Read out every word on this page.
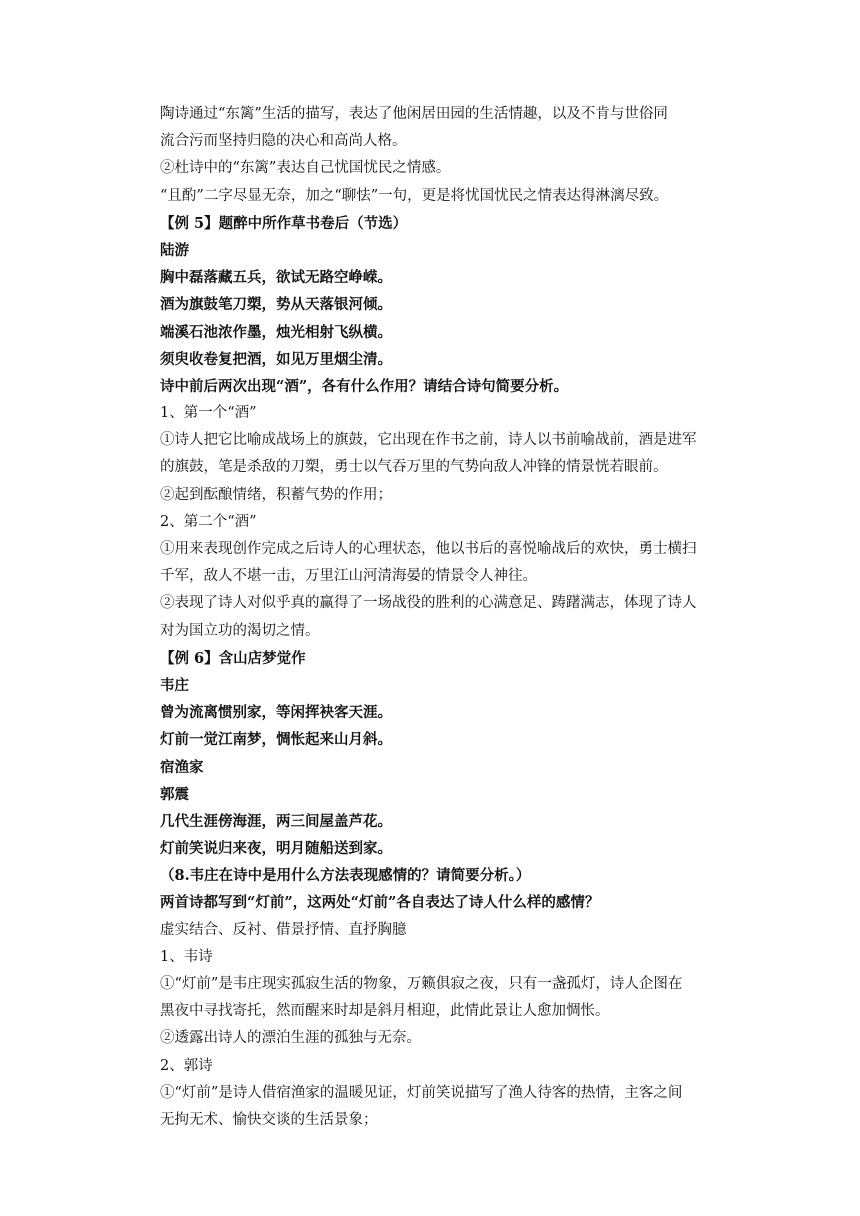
陶诗通过“东篱”生活的描写，表达了他闲居田园的生活情趣，以及不肯与世俗同
流合污而坚持归隐的决心和高尚人格。
②杜诗中的“东篱”表达自己忧国忧民之情感。
“且酌”二字尽显无奈，加之“聊怯”一句，更是将忧国忧民之情表达得淋漓尽致。
【例 5】题醉中所作草书卷后（节选）
陆游
胸中磊落藏五兵，欲试无路空峥嵘。
酒为旗鼓笔刀槊，势从天落银河倾。
端溪石池浓作墨，烛光相射飞纵横。
须臾收卷复把酒，如见万里烟尘清。
诗中前后两次出现“酒”，各有什么作用？请结合诗句简要分析。
1、第一个“酒”
①诗人把它比喻成战场上的旗鼓，它出现在作书之前，诗人以书前喻战前，酒是进军
的旗鼓，笔是杀敌的刀槊，勇士以气吞万里的气势向敌人冲锋的情景恍若眼前。
②起到酝酿情绪，积蓄气势的作用；
2、第二个“酒”
①用来表现创作完成之后诗人的心理状态，他以书后的喜悦喻战后的欢快，勇士横扫
千军，敌人不堪一击，万里江山河清海晏的情景令人神往。
②表现了诗人对似乎真的赢得了一场战役的胜利的心满意足、踌躇满志，体现了诗人
对为国立功的渴切之情。
【例 6】含山店梦觉作
韦庄
曾为流离惯别家，等闲挥袂客天涯。
灯前一觉江南梦，惆怅起来山月斜。
宿渔家
郭震
几代生涯傍海涯，两三间屋盖芦花。
灯前笑说归来夜，明月随船送到家。
（8.韦庄在诗中是用什么方法表现感情的？请简要分析。）
两首诗都写到“灯前”，这两处“灯前”各自表达了诗人什么样的感情？
虚实结合、反衬、借景抒情、直抒胸臆
1、韦诗
①“灯前”是韦庄现实孤寂生活的物象，万籁俱寂之夜，只有一盏孤灯，诗人企图在
黑夜中寻找寄托，然而醒来时却是斜月相迎，此情此景让人愈加惆怅。
②透露出诗人的漂泊生涯的孤独与无奈。
2、郭诗
①“灯前”是诗人借宿渔家的温暖见证，灯前笑说描写了渔人待客的热情，主客之间
无拘无术、愉快交谈的生活景象；
